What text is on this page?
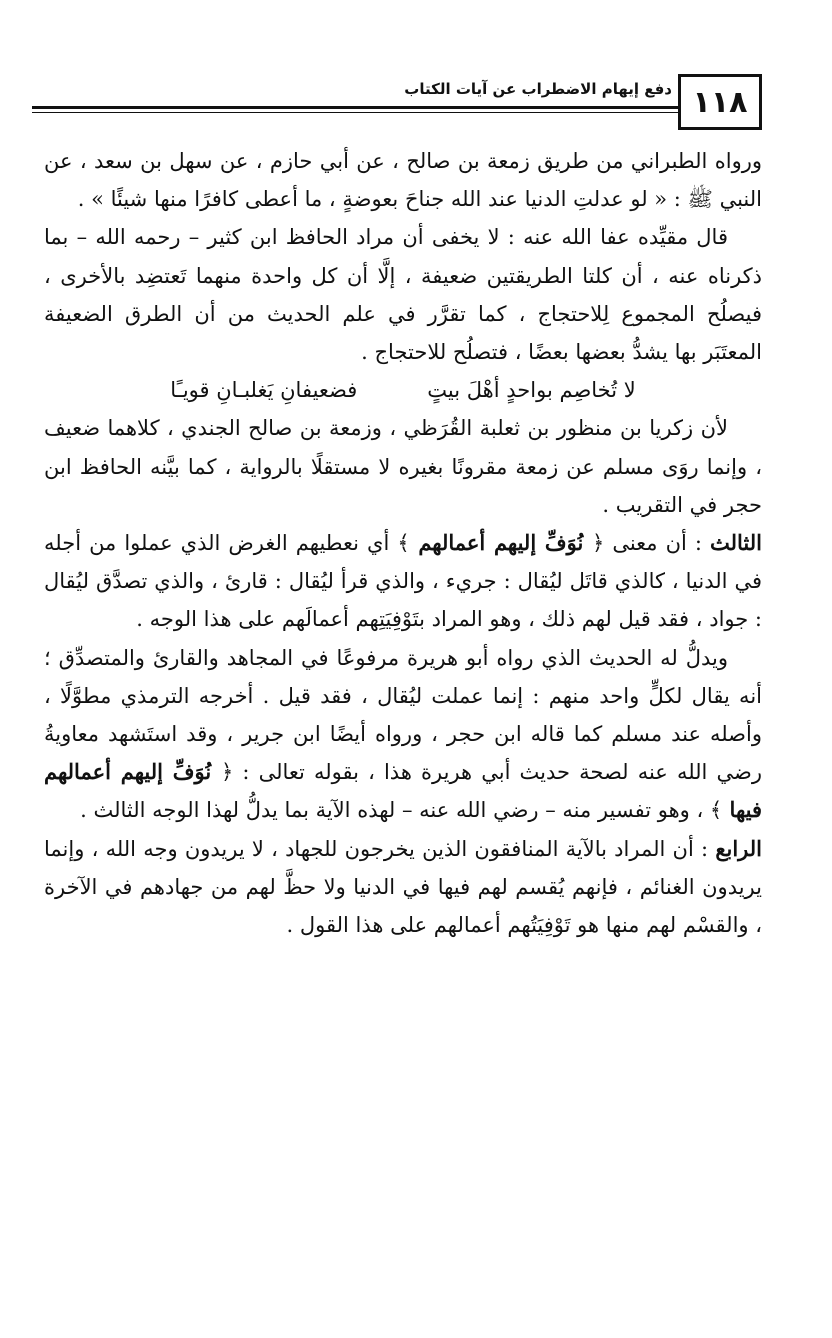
١١٨
دفع إيهام الاضطراب عن آيات الكتاب

ورواه الطبراني من طريق زمعة بن صالح ، عن أبي حازم ، عن سهل بن سعد ، عن النبي ﷺ : « لو عدلتِ الدنيا عند الله جناحَ بعوضةٍ ، ما أعطى كافرًا منها شيئًا » .

قال مقيِّده عفا الله عنه : لا يخفى أن مراد الحافظ ابن كثير – رحمه الله – بما ذكرناه عنه ، أن كلتا الطريقتين ضعيفة ، إلَّا أن كل واحدة منهما تَعتضِد بالأخرى ، فيصلُح المجموع لِلاحتجاج ، كما تقرَّر في علم الحديث من أن الطرق الضعيفة المعتَبَر بها يشدُّ بعضها بعضًا ، فتصلُح للاحتجاج .

لا تُخاصِم بواحدٍ أهْلَ بيتٍ
فضعيفانِ يَغلبـانِ قويـًا

لأن زكريا بن منظور بن ثعلبة القُرَظي ، وزمعة بن صالح الجندي ، كلاهما ضعيف ، وإنما روَى مسلم عن زمعة مقرونًا بغيره لا مستقلًا بالرواية ، كما بيَّنه الحافظ ابن حجر في التقريب .

الثالث : أن معنى ﴿ نُوَفِّ إليهم أعمالهم ﴾ أي نعطيهم الغرض الذي عملوا من أجله في الدنيا ، كالذي قاتَل ليُقال : جريء ، والذي قرأ ليُقال : قارئ ، والذي تصدَّق ليُقال : جواد ، فقد قيل لهم ذلك ، وهو المراد بتَوْفِيَتِهم أعمالَهم على هذا الوجه .

ويدلُّ له الحديث الذي رواه أبو هريرة مرفوعًا في المجاهد والقارئ والمتصدِّق ؛ أنه يقال لكلٍّ واحد منهم : إنما عملت ليُقال ، فقد قيل . أخرجه الترمذي مطوَّلًا ، وأصله عند مسلم كما قاله ابن حجر ، ورواه أيضًا ابن جرير ، وقد استَشهد معاويةُ رضي الله عنه لصحة حديث أبي هريرة هذا ، بقوله تعالى : ﴿ نُوَفِّ إليهم أعمالهم فيها ﴾ ، وهو تفسير منه – رضي الله عنه – لهذه الآية بما يدلُّ لهذا الوجه الثالث .

الرابع : أن المراد بالآية المنافقون الذين يخرجون للجهاد ، لا يريدون وجه الله ، وإنما يريدون الغنائم ، فإنهم يُقسم لهم فيها في الدنيا ولا حظَّ لهم من جهادهم في الآخرة ، والقسْم لهم منها هو تَوْفِيَتُهم أعمالهم على هذا القول .
